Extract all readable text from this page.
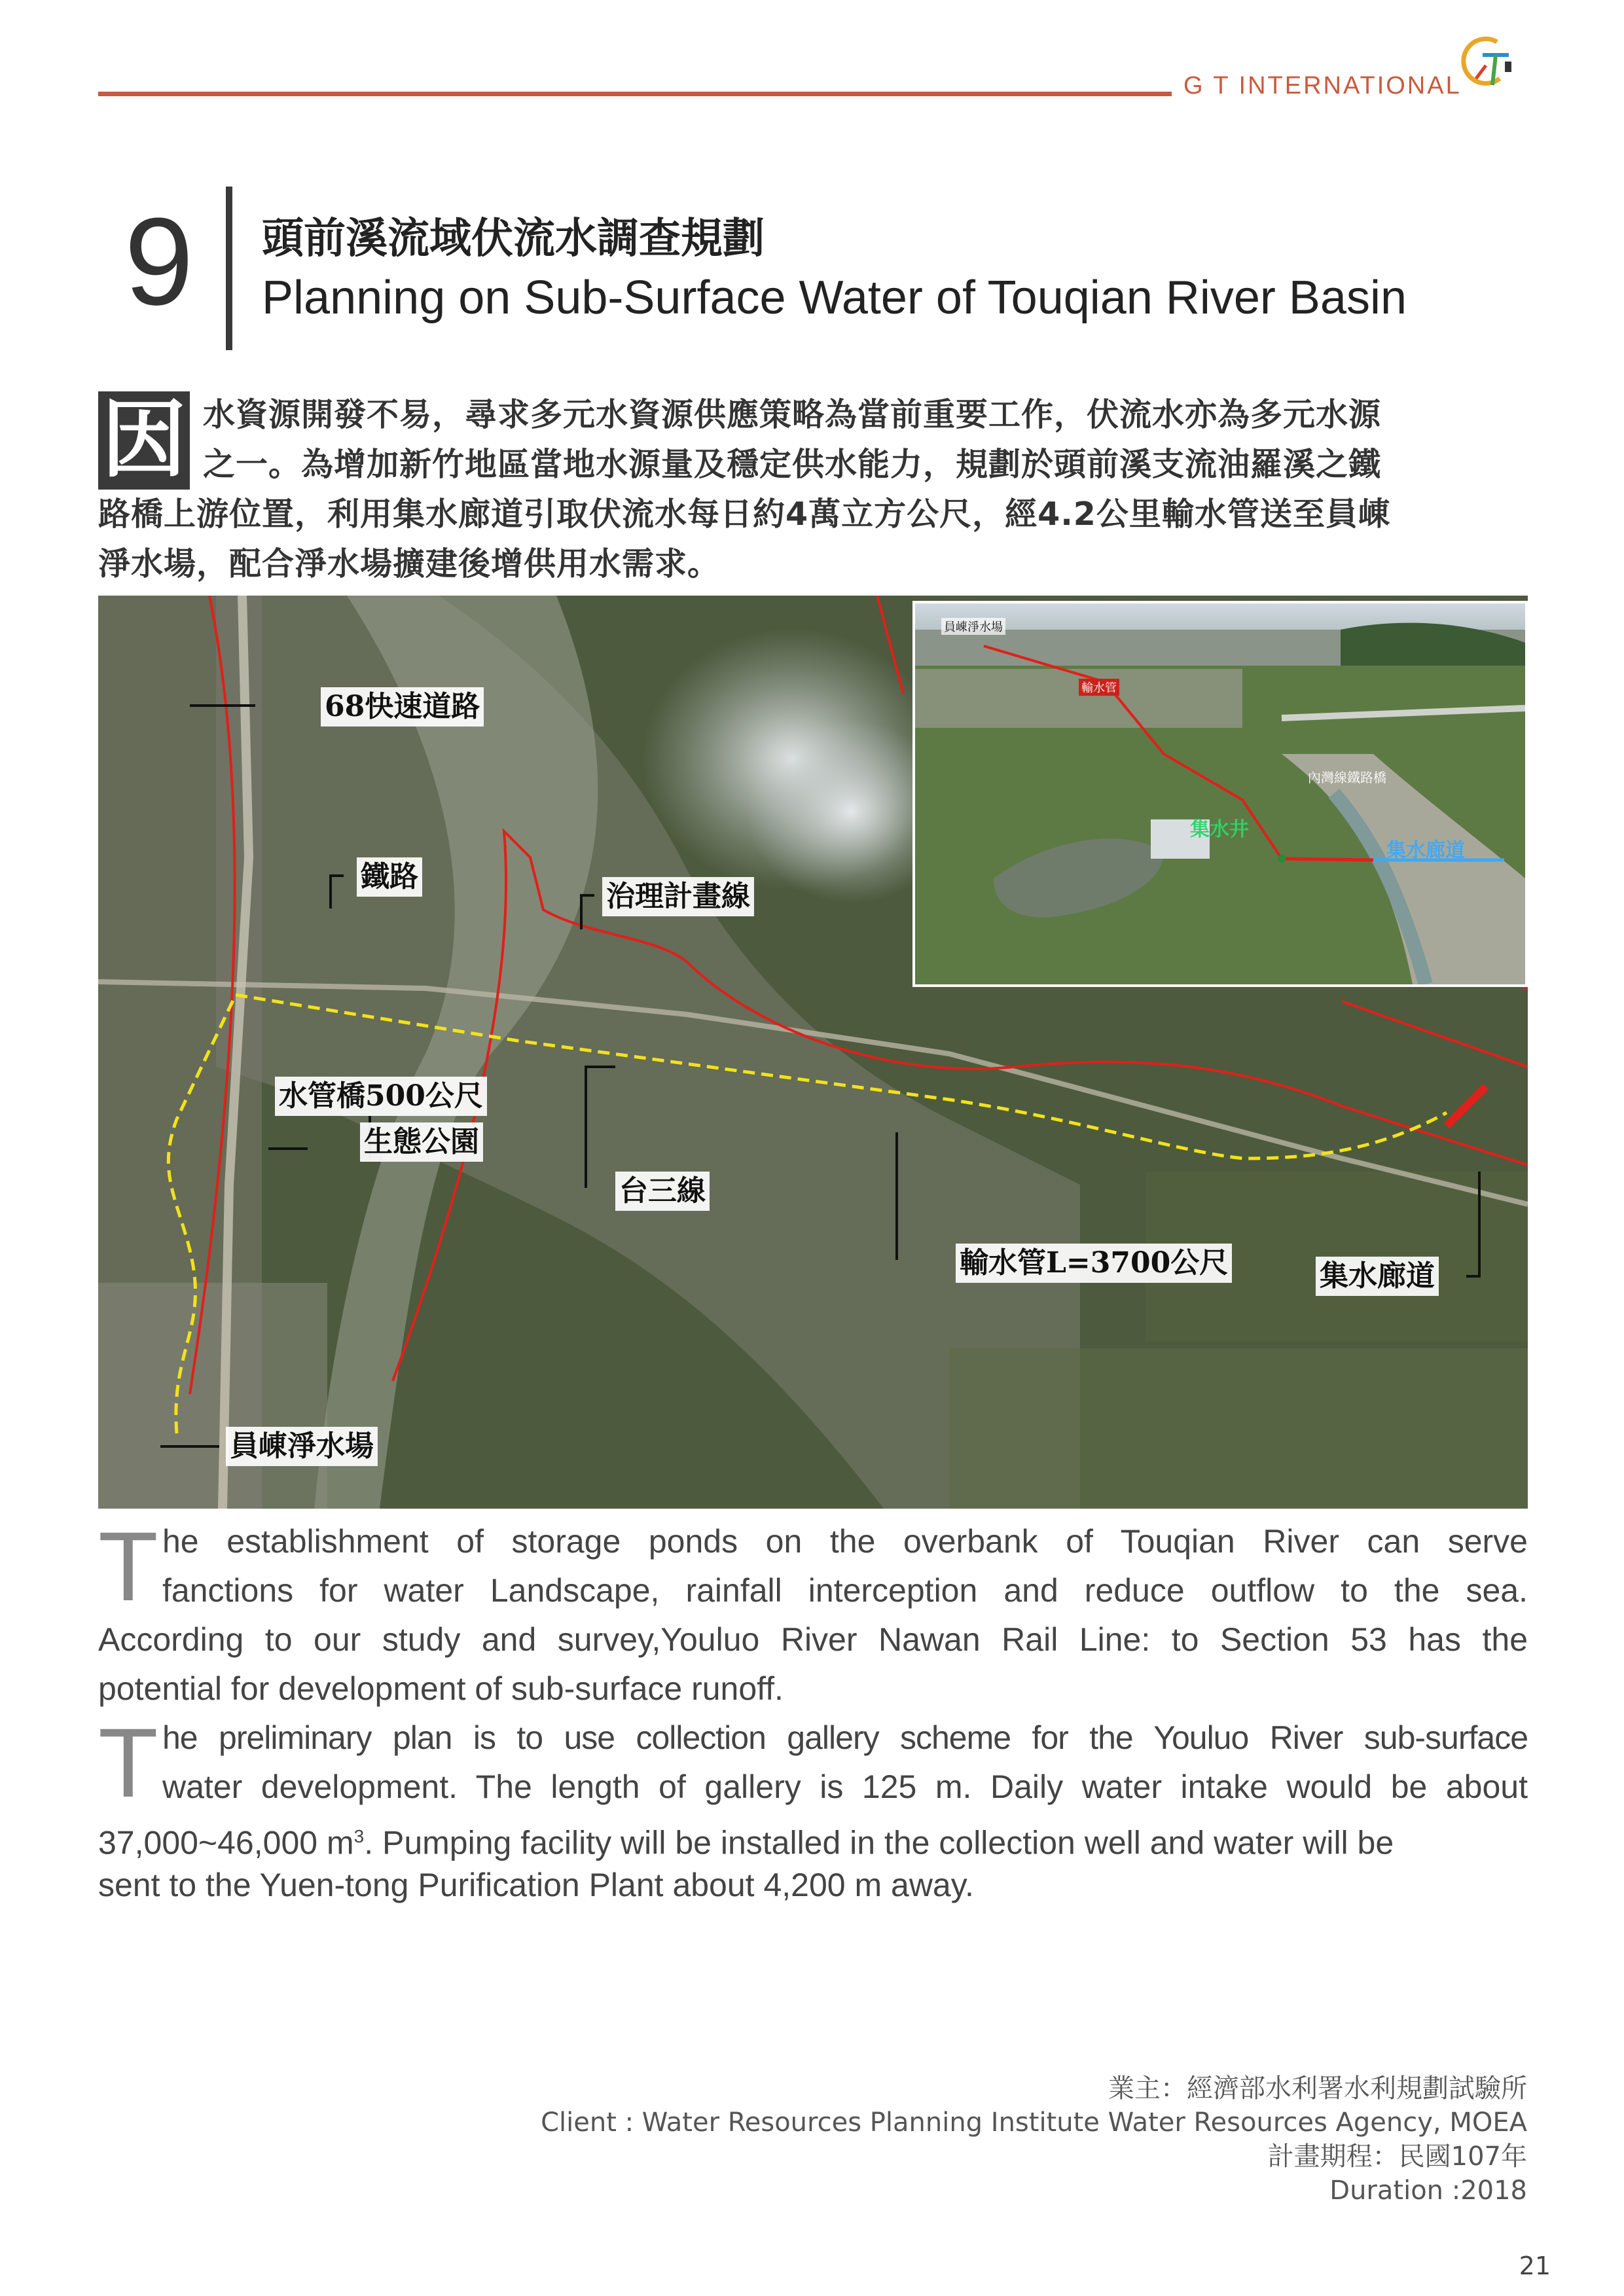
G T INTERNATIONAL
9 頭前溪流域伏流水調查規劃
Planning on Sub-Surface Water of Touqian River Basin
因 水資源開發不易，尋求多元水資源供應策略為當前重要工作，伏流水亦為多元水源
之一。為增加新竹地區當地水源量及穩定供水能力，規劃於頭前溪支流油羅溪之鐵
路橋上游位置，利用集水廊道引取伏流水每日約4萬立方公尺，經4.2公里輸水管送至員崠
淨水場，配合淨水場擴建後增供用水需求。
68快速道路
鐵路
治理計畫線
水管橋500公尺
生態公園
台三線
輸水管L=3700公尺	集水廊道
員崠淨水場
員崠淨水場
輸水管
內灣線鐵路橋
集水井
集水廊道
T he establishment of storage ponds on the overbank of Touqian River can serve
fanctions for water Landscape, rainfall interception and reduce outflow to the sea.
According to our study and survey,Youluo River Nawan Rail Line: to Section 53 has the
potential for development of sub-surface runoff.
T he preliminary plan is to use collection gallery scheme for the Youluo River sub-surface
water development. The length of gallery is 125 m. Daily water intake would be about
37,000~46,000 $m^3$. Pumping facility will be installed in the collection well and water will be
sent to the Yuen-tong Purification Plant about 4,200 m away.
業主：經濟部水利署水利規劃試驗所
Client : Water Resources Planning Institute Water Resources Agency, MOEA
計畫期程：民國107年
Duration :2018
21
